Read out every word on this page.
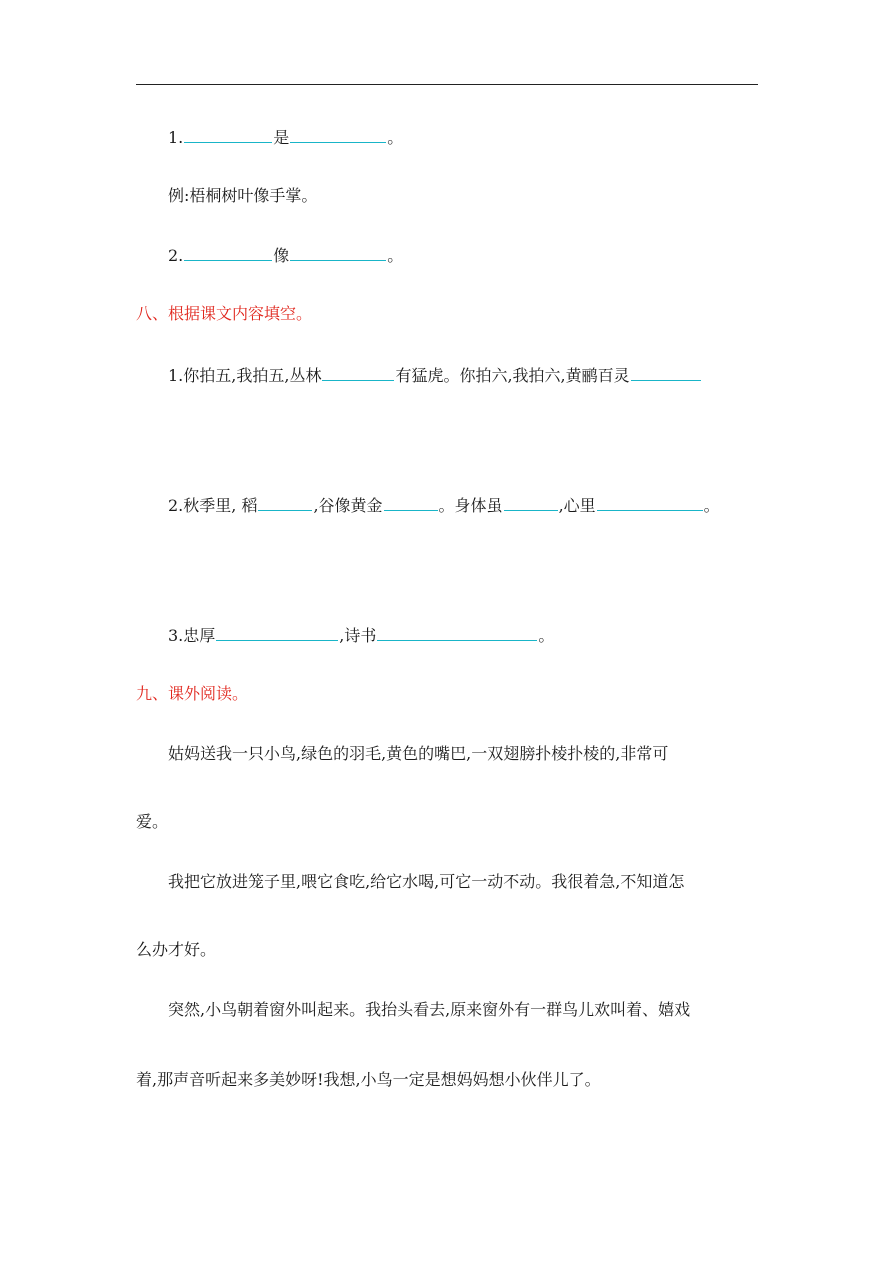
1.	是	。
例:梧桐树叶像手掌。
2.	像	。
八、根据课文内容填空。
1.你拍五,我拍五,丛林	有猛虎。你拍六,我拍六,黄鹂百灵
2.秋季里, 稻	,谷像黄金	。身体虽	,心里	。
3.忠厚	,诗书	。
九、课外阅读。
姑妈送我一只小鸟,绿色的羽毛,黄色的嘴巴,一双翅膀扑棱扑棱的,非常可
爱。
我把它放进笼子里,喂它食吃,给它水喝,可它一动不动。我很着急,不知道怎
么办才好。
突然,小鸟朝着窗外叫起来。我抬头看去,原来窗外有一群鸟儿欢叫着、嬉戏
着,那声音听起来多美妙呀!我想,小鸟一定是想妈妈想小伙伴儿了。
